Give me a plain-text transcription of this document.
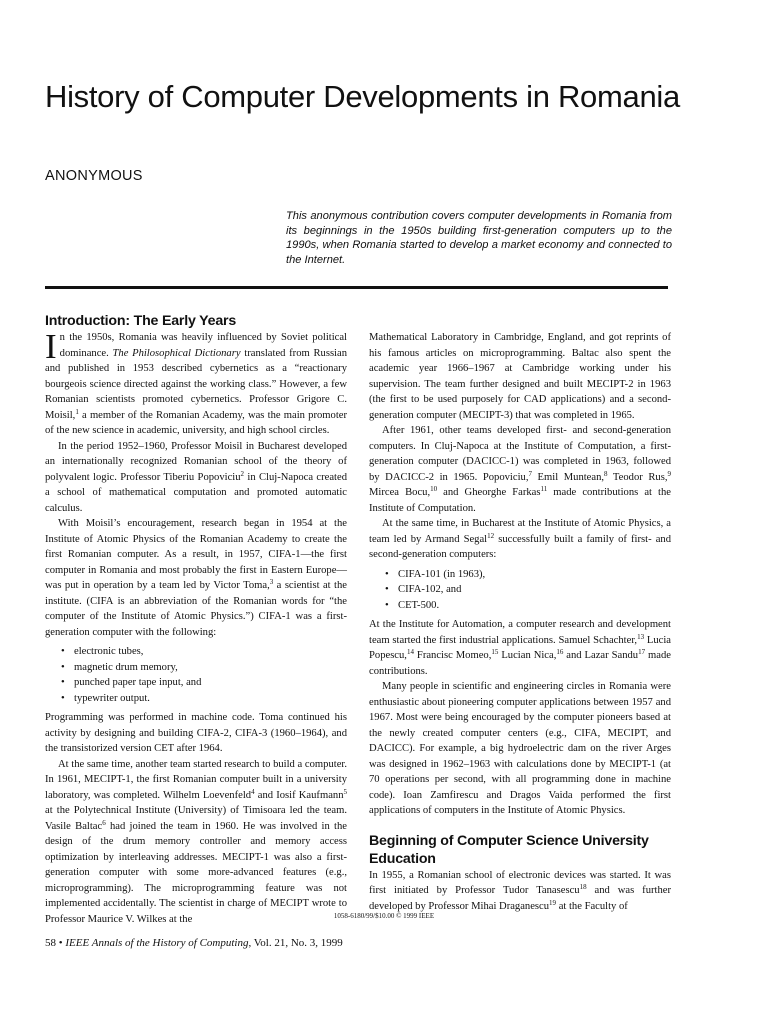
History of Computer Developments in Romania
ANONYMOUS
This anonymous contribution covers computer developments in Romania from its beginnings in the 1950s building first-generation computers up to the 1990s, when Romania started to develop a market economy and connected to the Internet.
Introduction: The Early Years

I n the 1950s, Romania was heavily influenced by Soviet political dominance. The Philosophical Dictionary translated from Russian and published in 1953 described cybernetics as a “reactionary bourgeois science directed against the working class.” However, a few Romanian scientists promoted cybernetics. Professor Grigore C. Moisil,$^1$ a member of the Romanian Academy, was the main promoter of the new science in academic, university, and high school circles.

In the period 1952–1960, Professor Moisil in Bucharest developed an internationally recognized Romanian school of the theory of polyvalent logic. Professor Tiberiu Popoviciu$^2$ in Cluj-Napoca created a school of mathematical computation and promoted automatic calculus.

With Moisil’s encouragement, research began in 1954 at the Institute of Atomic Physics of the Romanian Academy to create the first Romanian computer. As a result, in 1957, CIFA-1—the first computer in Romania and most probably the first in Eastern Europe—was put in operation by a team led by Victor Toma,$^3$ a scientist at the institute. (CIFA is an abbreviation of the Romanian words for “the computer of the Institute of Atomic Physics.”) CIFA-1 was a first-generation computer with the following:

• electronic tubes,
• magnetic drum memory,
• punched paper tape input, and
• typewriter output.

Programming was performed in machine code. Toma continued his activity by designing and building CIFA-2, CIFA-3 (1960–1964), and the transistorized version CET after 1964.

At the same time, another team started research to build a computer. In 1961, MECIPT-1, the first Romanian computer built in a university laboratory, was completed. Wilhelm Loevenfeld$^4$ and Iosif Kaufmann$^5$ at the Polytechnical Institute (University) of Timisoara led the team. Vasile Baltac$^6$ had joined the team in 1960. He was involved in the design of the drum memory controller and memory access optimization by interleaving addresses. MECIPT-1 was also a first-generation computer with some more-advanced features (e.g., microprogramming). The microprogramming feature was not implemented accidentally. The scientist in charge of MECIPT wrote to Professor Maurice V. Wilkes at the

Mathematical Laboratory in Cambridge, England, and got reprints of his famous articles on microprogramming. Baltac also spent the academic year 1966–1967 at Cambridge working under his supervision. The team further designed and built MECIPT-2 in 1963 (the first to be used purposely for CAD applications) and a second-generation computer (MECIPT-3) that was completed in 1965.

After 1961, other teams developed first- and second-generation computers. In Cluj-Napoca at the Institute of Computation, a first-generation computer (DACICC-1) was completed in 1963, followed by DACICC-2 in 1965. Popoviciu,$^7$ Emil Muntean,$^8$ Teodor Rus,$^9$ Mircea Bocu,$^{10}$ and Gheorghe Farkas$^{11}$ made contributions at the Institute of Computation.

At the same time, in Bucharest at the Institute of Atomic Physics, a team led by Armand Segal$^{12}$ successfully built a family of first- and second-generation computers:

• CIFA-101 (in 1963),
• CIFA-102, and
• CET-500.

At the Institute for Automation, a computer research and development team started the first industrial applications. Samuel Schachter,$^{13}$ Lucia Popescu,$^{14}$ Francisc Momeo,$^{15}$ Lucian Nica,$^{16}$ and Lazar Sandu$^{17}$ made contributions.

Many people in scientific and engineering circles in Romania were enthusiastic about pioneering computer applications between 1957 and 1967. Most were being encouraged by the computer pioneers based at the newly created computer centers (e.g., CIFA, MECIPT, and DACICC). For example, a big hydroelectric dam on the river Arges was designed in 1962–1963 with calculations done by MECIPT-1 (at 70 operations per second, with all programming done in machine code). Ioan Zamfirescu and Dragos Vaida performed the first applications of computers in the Institute of Atomic Physics.

Beginning of Computer Science University Education

In 1955, a Romanian school of electronic devices was started. It was first initiated by Professor Tudor Tanasescu$^{18}$ and was further developed by Professor Mihai Draganescu$^{19}$ at the Faculty of

1058-6180/99/$10.00 © 1999 IEEE
58 • IEEE Annals of the History of Computing, Vol. 21, No. 3, 1999
